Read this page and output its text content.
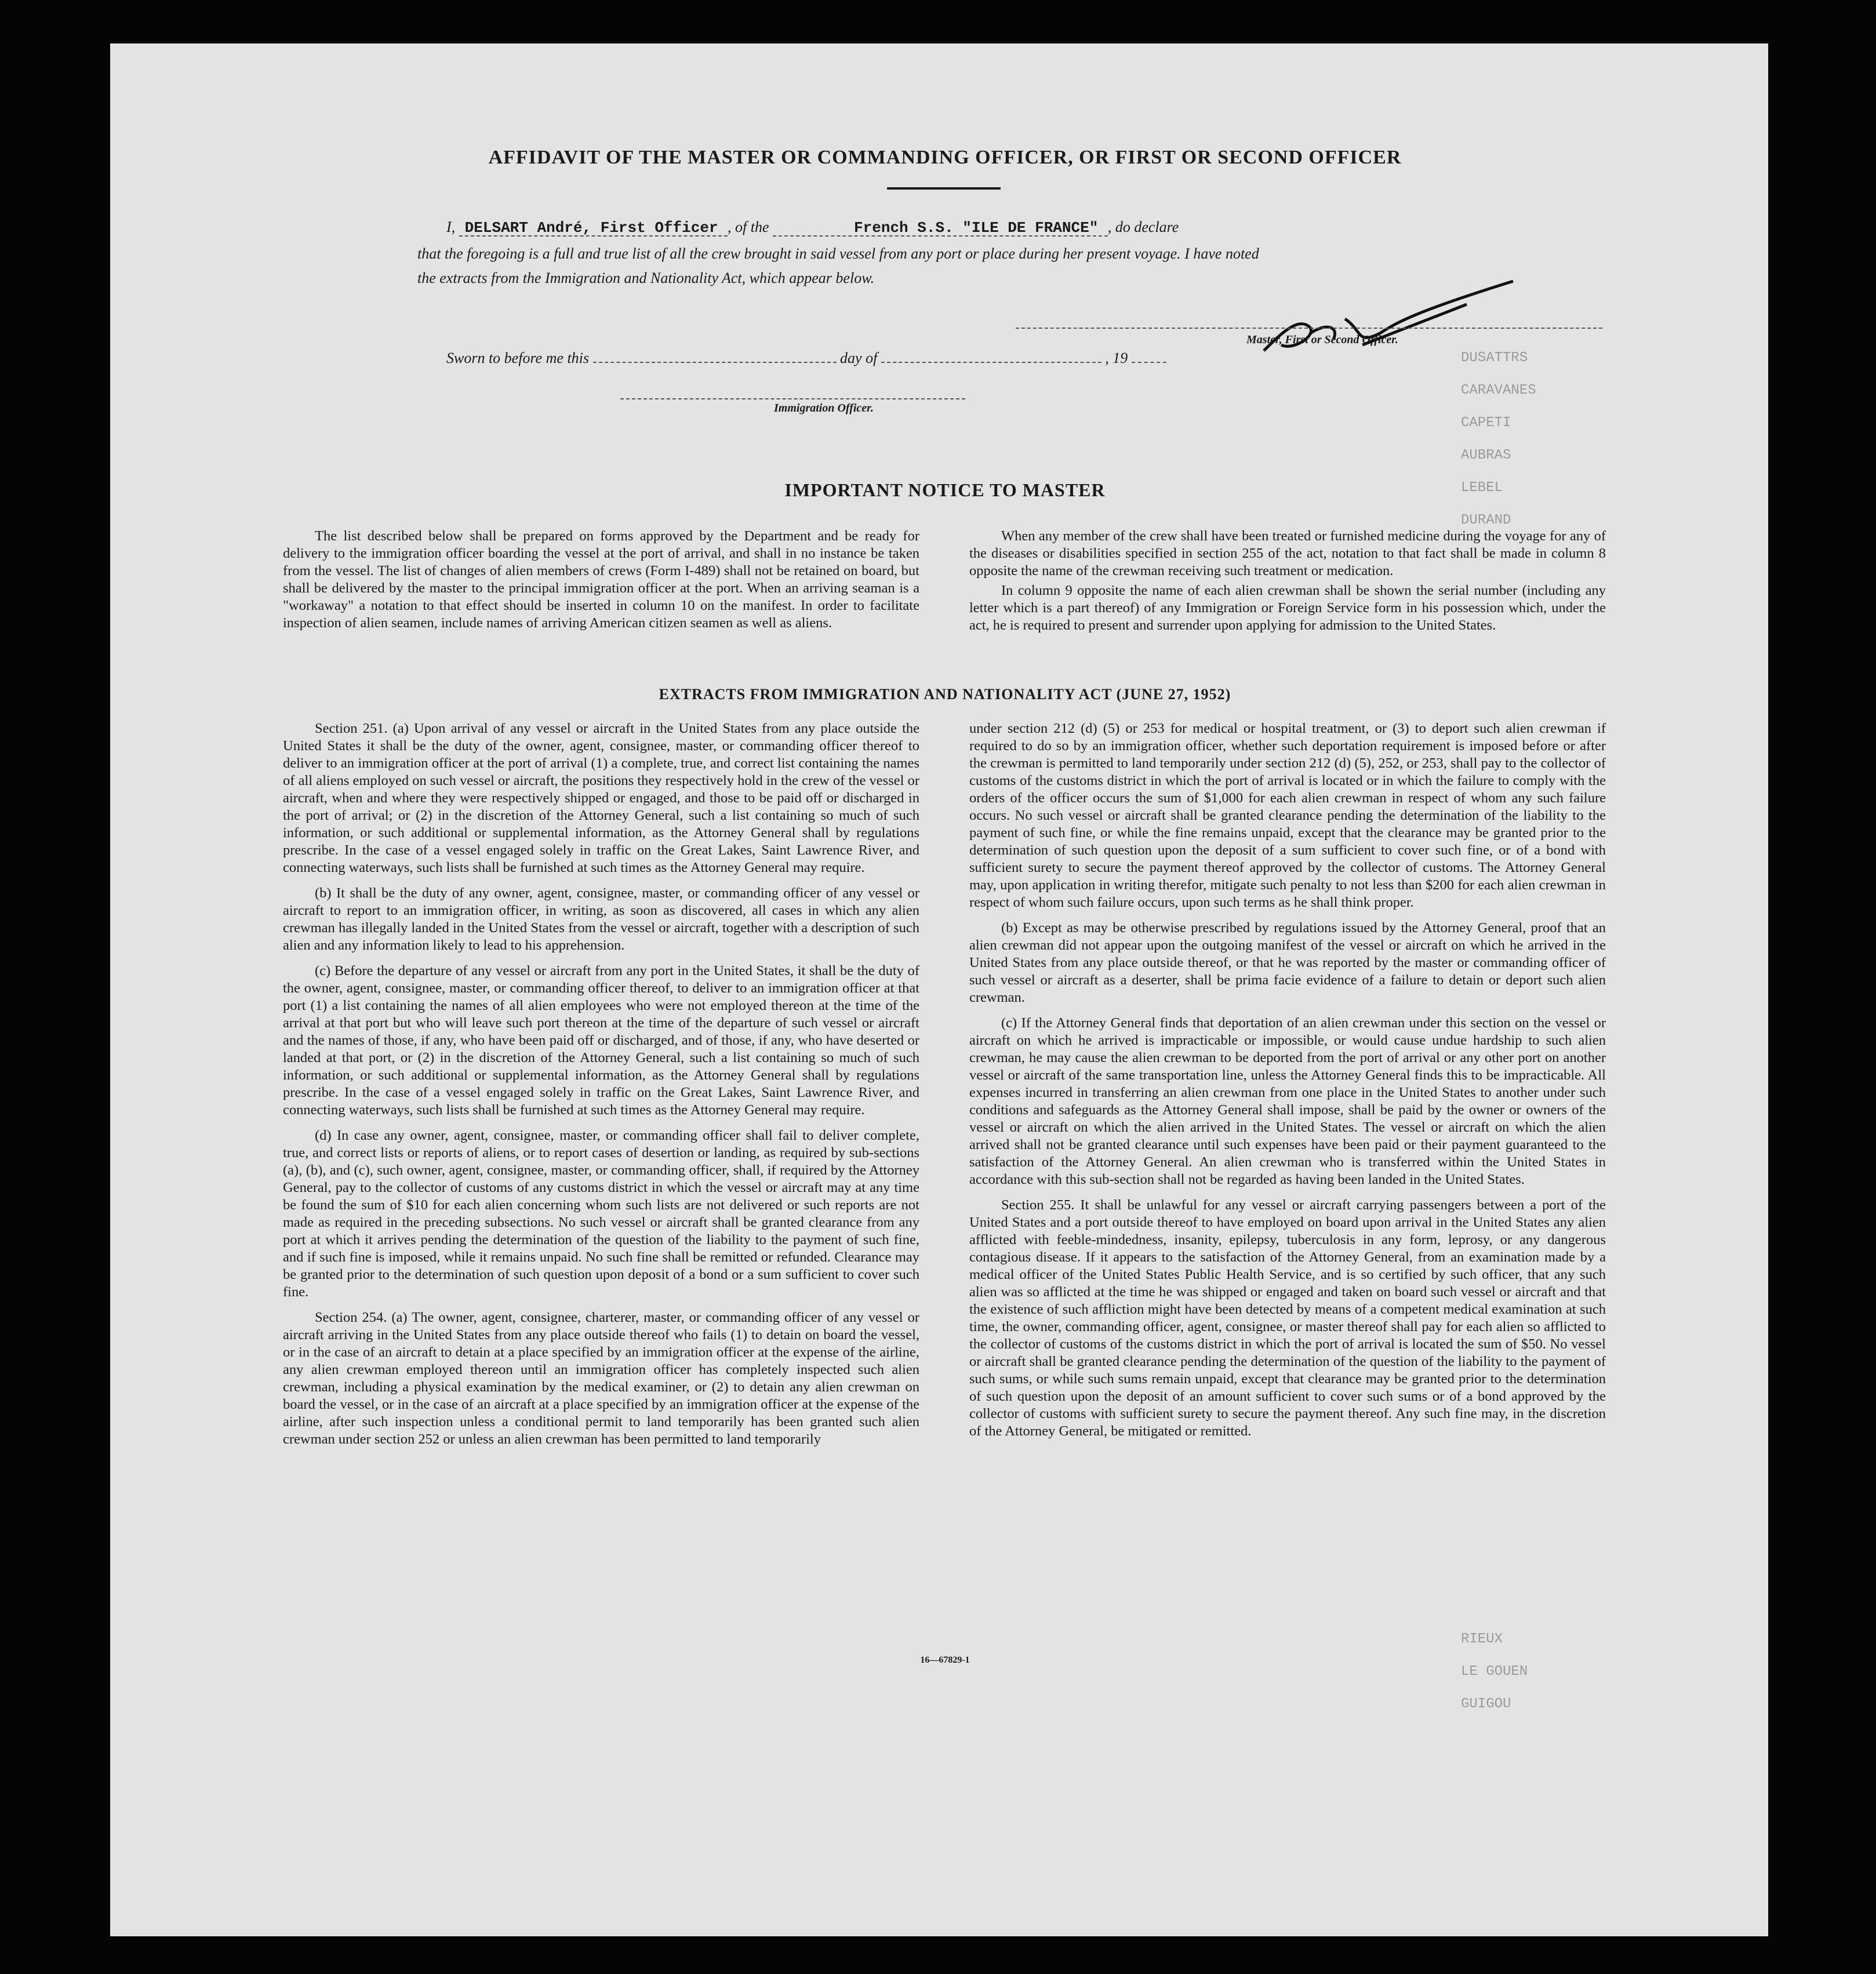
AFFIDAVIT OF THE MASTER OR COMMANDING OFFICER, OR FIRST OR SECOND OFFICER
I, DELSART André, First Officer , of the	French S.S. "ILE DE FRANCE" , do declare
that the foregoing is a full and true list of all the crew brought in said vessel from any port or place during her present voyage. I have noted
the extracts from the Immigration and Nationality Act, which appear below.
Master, First or Second Officer.
Sworn to before me this	day of	, 19
Immigration Officer.
DUSATTRS
CARAVANES
CAPETI
AUBRAS
LEBEL
DURAND
RIEUX
LE GOUEN
GUIGOU
IMPORTANT NOTICE TO MASTER

The list described below shall be prepared on forms approved by the Department and be ready for delivery to the immigration officer boarding the vessel at the port of arrival, and shall in no instance be taken from the vessel. The list of changes of alien members of crews (Form I-489) shall not be retained on board, but shall be delivered by the master to the principal immigration officer at the port. When an arriving seaman is a "workaway" a notation to that effect should be inserted in column 10 on the manifest. In order to facilitate inspection of alien seamen, include names of arriving American citizen seamen as well as aliens.

When any member of the crew shall have been treated or furnished medicine during the voyage for any of the diseases or disabilities specified in section 255 of the act, notation to that fact shall be made in column 8 opposite the name of the crewman receiving such treatment or medication.

In column 9 opposite the name of each alien crewman shall be shown the serial number (including any letter which is a part thereof) of any Immigration or Foreign Service form in his possession which, under the act, he is required to present and surrender upon applying for admission to the United States.

EXTRACTS FROM IMMIGRATION AND NATIONALITY ACT (JUNE 27, 1952)

Section 251. (a) Upon arrival of any vessel or aircraft in the United States from any place outside the United States it shall be the duty of the owner, agent, consignee, master, or commanding officer thereof to deliver to an immigration officer at the port of arrival (1) a complete, true, and correct list containing the names of all aliens employed on such vessel or aircraft, the positions they respectively hold in the crew of the vessel or aircraft, when and where they were respectively shipped or engaged, and those to be paid off or discharged in the port of arrival; or (2) in the discretion of the Attorney General, such a list containing so much of such information, or such additional or supplemental information, as the Attorney General shall by regulations prescribe. In the case of a vessel engaged solely in traffic on the Great Lakes, Saint Lawrence River, and connecting waterways, such lists shall be furnished at such times as the Attorney General may require.

(b) It shall be the duty of any owner, agent, consignee, master, or commanding officer of any vessel or aircraft to report to an immigration officer, in writing, as soon as discovered, all cases in which any alien crewman has illegally landed in the United States from the vessel or aircraft, together with a description of such alien and any information likely to lead to his apprehension.

(c) Before the departure of any vessel or aircraft from any port in the United States, it shall be the duty of the owner, agent, consignee, master, or commanding officer thereof, to deliver to an immigration officer at that port (1) a list containing the names of all alien employees who were not employed thereon at the time of the arrival at that port but who will leave such port thereon at the time of the departure of such vessel or aircraft and the names of those, if any, who have been paid off or discharged, and of those, if any, who have deserted or landed at that port, or (2) in the discretion of the Attorney General, such a list containing so much of such information, or such additional or supplemental information, as the Attorney General shall by regulations prescribe. In the case of a vessel engaged solely in traffic on the Great Lakes, Saint Lawrence River, and connecting waterways, such lists shall be furnished at such times as the Attorney General may require.

(d) In case any owner, agent, consignee, master, or commanding officer shall fail to deliver complete, true, and correct lists or reports of aliens, or to report cases of desertion or landing, as required by sub-sections (a), (b), and (c), such owner, agent, consignee, master, or commanding officer, shall, if required by the Attorney General, pay to the collector of customs of any customs district in which the vessel or aircraft may at any time be found the sum of $10 for each alien concerning whom such lists are not delivered or such reports are not made as required in the preceding subsections. No such vessel or aircraft shall be granted clearance from any port at which it arrives pending the determination of the question of the liability to the payment of such fine, and if such fine is imposed, while it remains unpaid. No such fine shall be remitted or refunded. Clearance may be granted prior to the determination of such question upon deposit of a bond or a sum sufficient to cover such fine.

Section 254. (a) The owner, agent, consignee, charterer, master, or commanding officer of any vessel or aircraft arriving in the United States from any place outside thereof who fails (1) to detain on board the vessel, or in the case of an aircraft to detain at a place specified by an immigration officer at the expense of the airline, any alien crewman employed thereon until an immigration officer has completely inspected such alien crewman, including a physical examination by the medical examiner, or (2) to detain any alien crewman on board the vessel, or in the case of an aircraft at a place specified by an immigration officer at the expense of the airline, after such inspection unless a conditional permit to land temporarily has been granted such alien crewman under section 252 or unless an alien crewman has been permitted to land temporarily

under section 212 (d) (5) or 253 for medical or hospital treatment, or (3) to deport such alien crewman if required to do so by an immigration officer, whether such deportation requirement is imposed before or after the crewman is permitted to land temporarily under section 212 (d) (5), 252, or 253, shall pay to the collector of customs of the customs district in which the port of arrival is located or in which the failure to comply with the orders of the officer occurs the sum of $1,000 for each alien crewman in respect of whom any such failure occurs. No such vessel or aircraft shall be granted clearance pending the determination of the liability to the payment of such fine, or while the fine remains unpaid, except that the clearance may be granted prior to the determination of such question upon the deposit of a sum sufficient to cover such fine, or of a bond with sufficient surety to secure the payment thereof approved by the collector of customs. The Attorney General may, upon application in writing therefor, mitigate such penalty to not less than $200 for each alien crewman in respect of whom such failure occurs, upon such terms as he shall think proper.

(b) Except as may be otherwise prescribed by regulations issued by the Attorney General, proof that an alien crewman did not appear upon the outgoing manifest of the vessel or aircraft on which he arrived in the United States from any place outside thereof, or that he was reported by the master or commanding officer of such vessel or aircraft as a deserter, shall be prima facie evidence of a failure to detain or deport such alien crewman.

(c) If the Attorney General finds that deportation of an alien crewman under this section on the vessel or aircraft on which he arrived is impracticable or impossible, or would cause undue hardship to such alien crewman, he may cause the alien crewman to be deported from the port of arrival or any other port on another vessel or aircraft of the same transportation line, unless the Attorney General finds this to be impracticable. All expenses incurred in transferring an alien crewman from one place in the United States to another under such conditions and safeguards as the Attorney General shall impose, shall be paid by the owner or owners of the vessel or aircraft on which the alien arrived in the United States. The vessel or aircraft on which the alien arrived shall not be granted clearance until such expenses have been paid or their payment guaranteed to the satisfaction of the Attorney General. An alien crewman who is transferred within the United States in accordance with this sub-section shall not be regarded as having been landed in the United States.

Section 255. It shall be unlawful for any vessel or aircraft carrying passengers between a port of the United States and a port outside thereof to have employed on board upon arrival in the United States any alien afflicted with feeble-mindedness, insanity, epilepsy, tuberculosis in any form, leprosy, or any dangerous contagious disease. If it appears to the satisfaction of the Attorney General, from an examination made by a medical officer of the United States Public Health Service, and is so certified by such officer, that any such alien was so afflicted at the time he was shipped or engaged and taken on board such vessel or aircraft and that the existence of such affliction might have been detected by means of a competent medical examination at such time, the owner, commanding officer, agent, consignee, or master thereof shall pay for each alien so afflicted to the collector of customs of the customs district in which the port of arrival is located the sum of $50. No vessel or aircraft shall be granted clearance pending the determination of the question of the liability to the payment of such sums, or while such sums remain unpaid, except that clearance may be granted prior to the determination of such question upon the deposit of an amount sufficient to cover such sums or of a bond approved by the collector of customs with sufficient surety to secure the payment thereof. Any such fine may, in the discretion of the Attorney General, be mitigated or remitted.

16—67829-1
